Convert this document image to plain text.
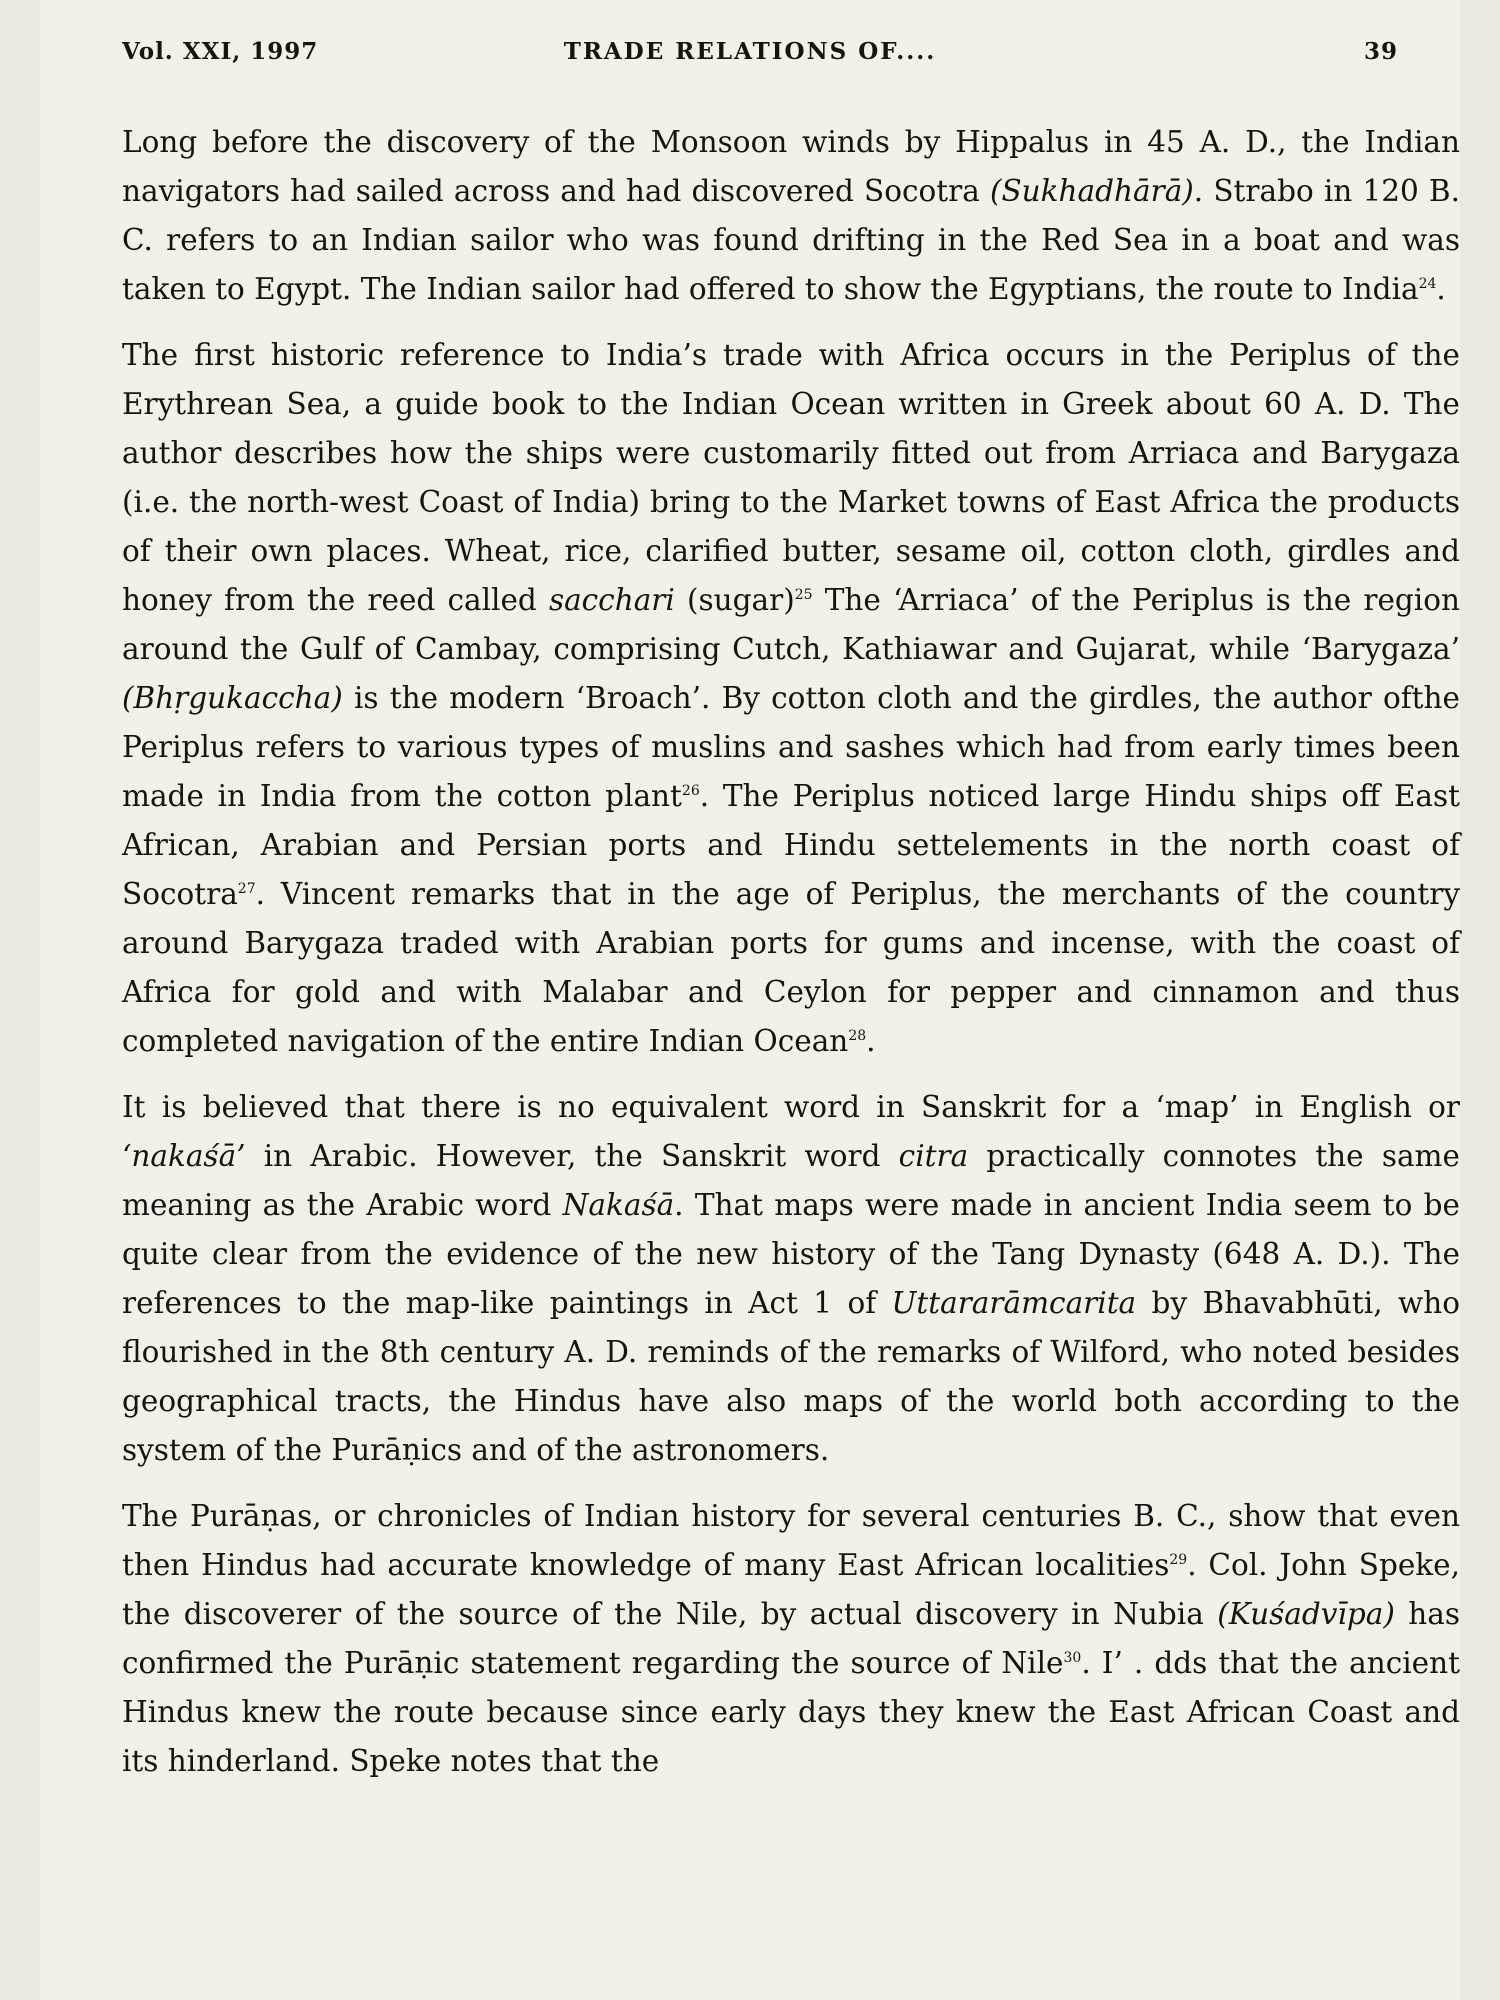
Vol. XXI, 1997	TRADE RELATIONS OF....	39

Long before the discovery of the Monsoon winds by Hippalus in 45 A. D., the Indian navigators had sailed across and had discovered Socotra (Sukhadhārā). Strabo in 120 B. C. refers to an Indian sailor who was found drifting in the Red Sea in a boat and was taken to Egypt. The Indian sailor had offered to show the Egyptians, the route to India$^{24}$.

The first historic reference to India’s trade with Africa occurs in the Periplus of the Erythrean Sea, a guide book to the Indian Ocean written in Greek about 60 A. D. The author describes how the ships were customarily fitted out from Arriaca and Barygaza (i.e. the north-west Coast of India) bring to the Market towns of East Africa the products of their own places. Wheat, rice, clarified butter, sesame oil, cotton cloth, girdles and honey from the reed called sacchari (sugar)$^{25}$ The ‘Arriaca’ of the Periplus is the region around the Gulf of Cambay, comprising Cutch, Kathiawar and Gujarat, while ‘Barygaza’ (Bhṛgukaccha) is the modern ‘Broach’. By cotton cloth and the girdles, the author ofthe Periplus refers to various types of muslins and sashes which had from early times been made in India from the cotton plant$^{26}$. The Periplus noticed large Hindu ships off East African, Arabian and Persian ports and Hindu settelements in the north coast of Socotra$^{27}$. Vincent remarks that in the age of Periplus, the merchants of the country around Barygaza traded with Arabian ports for gums and incense, with the coast of Africa for gold and with Malabar and Ceylon for pepper and cinnamon and thus completed navigation of the entire Indian Ocean$^{28}$.

It is believed that there is no equivalent word in Sanskrit for a ‘map’ in English or ‘nakaśā’ in Arabic. However, the Sanskrit word citra practically connotes the same meaning as the Arabic word Nakaśā. That maps were made in ancient India seem to be quite clear from the evidence of the new history of the Tang Dynasty (648 A. D.). The references to the map-like paintings in Act 1 of Uttararāmcarita by Bhavabhūti, who flourished in the 8th century A. D. reminds of the remarks of Wilford, who noted besides geographical tracts, the Hindus have also maps of the world both according to the system of the Purāṇics and of the astronomers.

The Purāṇas, or chronicles of Indian history for several centuries B. C., show that even then Hindus had accurate knowledge of many East African localities$^{29}$. Col. John Speke, the discoverer of the source of the Nile, by actual discovery in Nubia (Kuśadvīpa) has confirmed the Purāṇic statement regarding the source of Nile$^{30}$. I’ . dds that the ancient Hindus knew the route because since early days they knew the East African Coast and its hinderland. Speke notes that the
